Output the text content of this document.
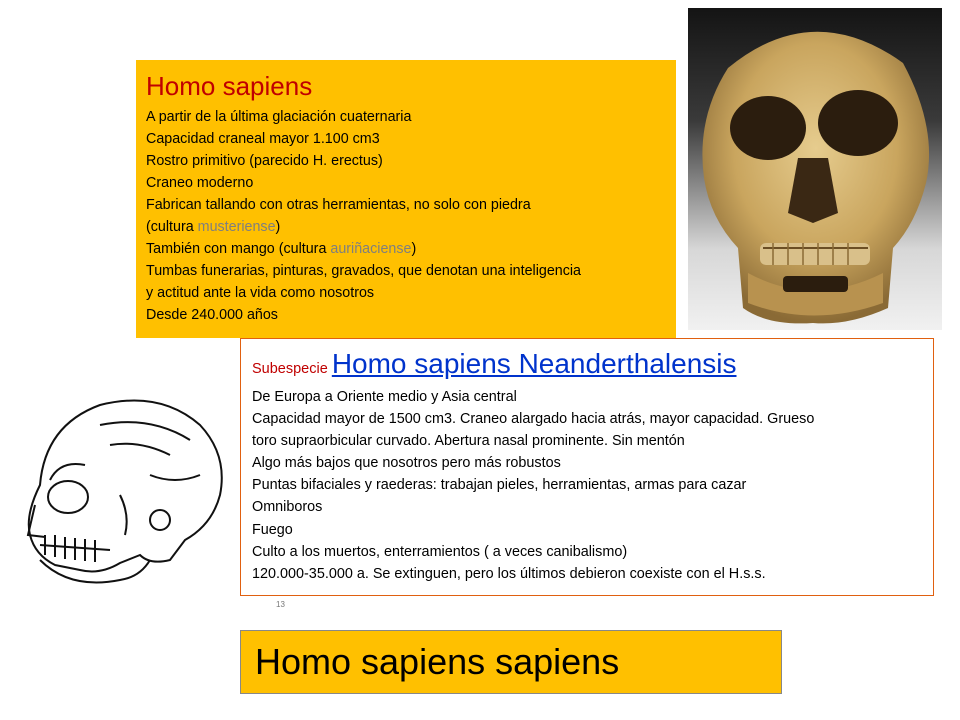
Homo sapiens
A partir de la última glaciación cuaternaria
Capacidad craneal mayor 1.100 cm3
Rostro primitivo (parecido H. erectus)
Craneo moderno
Fabrican tallando con otras herramientas, no solo con piedra
(cultura musteriense)
También con mango (cultura auriñaciense)
Tumbas funerarias, pinturas, gravados, que denotan una inteligencia
y actitud ante la vida como nosotros
Desde 240.000 años
Subespecie Homo sapiens Neanderthalensis
De Europa a Oriente medio y Asia central
Capacidad mayor de 1500 cm3. Craneo alargado hacia atrás, mayor capacidad. Grueso
toro supraorbicular curvado. Abertura nasal prominente. Sin mentón
Algo más bajos que nosotros pero más robustos
Puntas bifaciales y raederas: trabajan pieles, herramientas, armas para cazar
Omniboros
Fuego
Culto a los muertos, enterramientos ( a veces canibalismo)
120.000-35.000 a. Se extinguen, pero los últimos debieron coexiste con el H.s.s.
13
Homo sapiens sapiens
